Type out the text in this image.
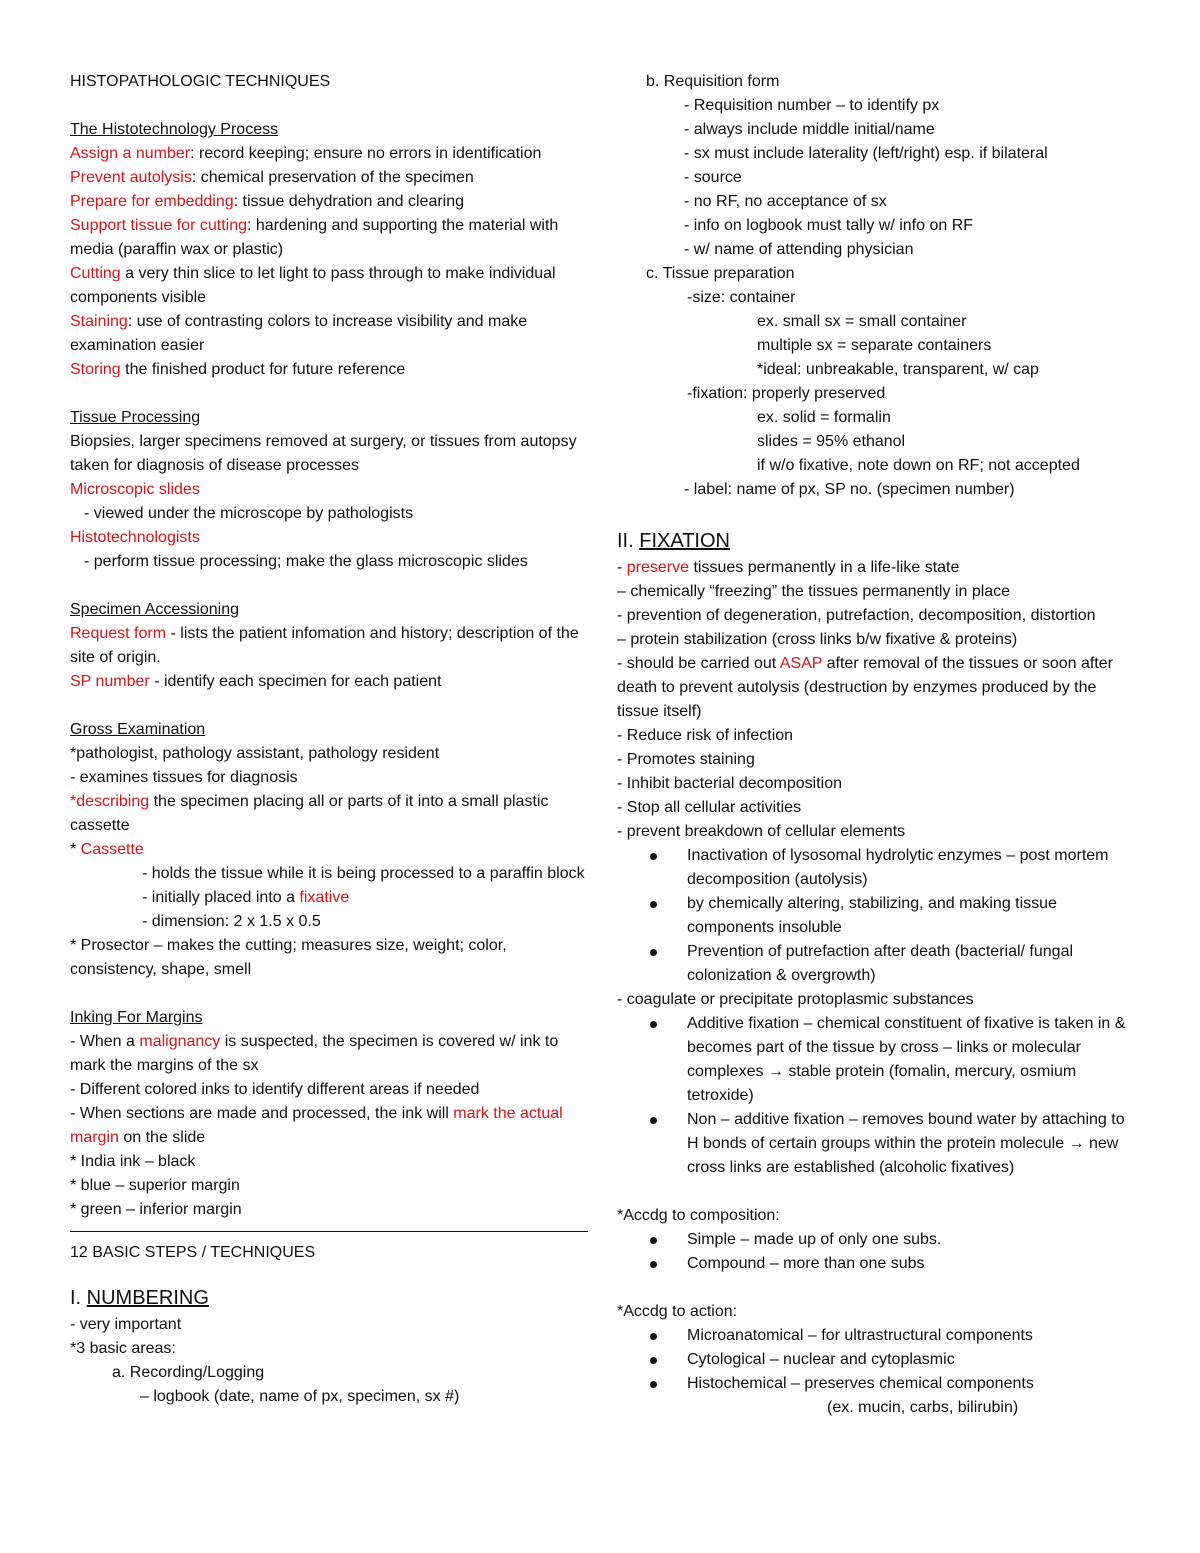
HISTOPATHOLOGIC TECHNIQUES
The Histotechnology Process
Assign a number: record keeping; ensure no errors in identification
Prevent autolysis: chemical preservation of the specimen
Prepare for embedding: tissue dehydration and clearing
Support tissue for cutting: hardening and supporting the material with media (paraffin wax or plastic)
Cutting a very thin slice to let light to pass through to make individual components visible
Staining: use of contrasting colors to increase visibility and make examination easier
Storing the finished product for future reference
Tissue Processing
Biopsies, larger specimens removed at surgery, or tissues from autopsy taken for diagnosis of disease processes
Microscopic slides
- viewed under the microscope by pathologists
Histotechnologists
- perform tissue processing; make the glass microscopic slides
Specimen Accessioning
Request form - lists the patient infomation and history; description of the site of origin.
SP number - identify each specimen for each patient
Gross Examination
*pathologist, pathology assistant, pathology resident
- examines tissues for diagnosis
*describing the specimen placing all or parts of it into a small plastic cassette
* Cassette
- holds the tissue while it is being processed to a paraffin block
- initially placed into a fixative
- dimension: 2 x 1.5 x 0.5
* Prosector – makes the cutting; measures size, weight; color, consistency, shape, smell
Inking For Margins
- When a malignancy is suspected, the specimen is covered w/ ink to mark the margins of the sx
- Different colored inks to identify different areas if needed
- When sections are made and processed, the ink will mark the actual margin on the slide
* India ink – black
* blue – superior margin
* green – inferior margin
12 BASIC STEPS / TECHNIQUES
I. NUMBERING
- very important
*3 basic areas:
a. Recording/Logging
– logbook (date, name of px, specimen, sx #)
b. Requisition form
- Requisition number – to identify px
- always include middle initial/name
- sx must include laterality (left/right) esp. if bilateral
- source
- no RF, no acceptance of sx
- info on logbook must tally w/ info on RF
- w/ name of attending physician
c. Tissue preparation
-size: container
ex. small sx = small container
multiple sx = separate containers
*ideal: unbreakable, transparent, w/ cap
-fixation: properly preserved
ex. solid = formalin
slides = 95% ethanol
if w/o fixative, note down on RF; not accepted
- label: name of px, SP no. (specimen number)
II. FIXATION
- preserve tissues permanently in a life-like state
– chemically “freezing” the tissues permanently in place
- prevention of degeneration, putrefaction, decomposition, distortion
– protein stabilization (cross links b/w fixative & proteins)
- should be carried out ASAP after removal of the tissues or soon after death to prevent autolysis (destruction by enzymes produced by the tissue itself)
- Reduce risk of infection
- Promotes staining
- Inhibit bacterial decomposition
- Stop all cellular activities
- prevent breakdown of cellular elements
Inactivation of lysosomal hydrolytic enzymes – post mortem decomposition (autolysis)
by chemically altering, stabilizing, and making tissue components insoluble
Prevention of putrefaction after death (bacterial/ fungal colonization & overgrowth)
- coagulate or precipitate protoplasmic substances
Additive fixation – chemical constituent of fixative is taken in & becomes part of the tissue by cross – links or molecular complexes → stable protein (fomalin, mercury, osmium tetroxide)
Non – additive fixation – removes bound water by attaching to H bonds of certain groups within the protein molecule → new cross links are established (alcoholic fixatives)
*Accdg to composition:
Simple – made up of only one subs.
Compound – more than one subs
*Accdg to action:
Microanatomical – for ultrastructural components
Cytological – nuclear and cytoplasmic
Histochemical – preserves chemical components
(ex. mucin, carbs, bilirubin)
